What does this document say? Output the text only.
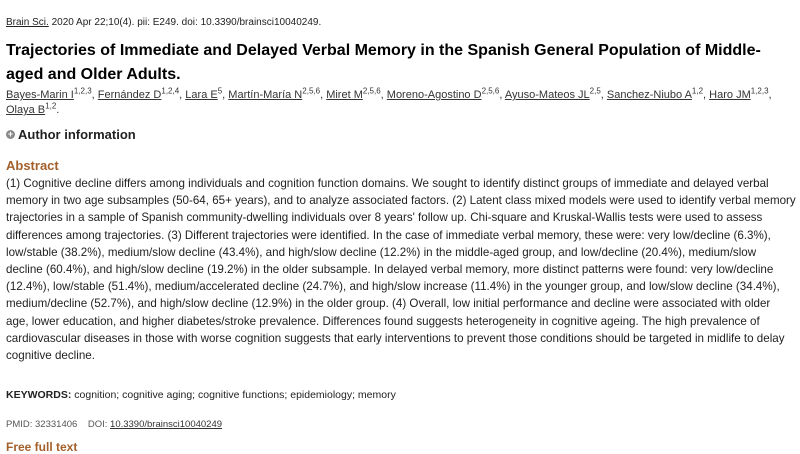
Brain Sci. 2020 Apr 22;10(4). pii: E249. doi: 10.3390/brainsci10040249.
Trajectories of Immediate and Delayed Verbal Memory in the Spanish General Population of Middle-aged and Older Adults.
Bayes-Marin I$^{1,2,3}$, Fernández D$^{1,2,4}$, Lara $E^5$, Martín-María N$^{2,5,6}$, Miret M$^{2,5,6}$, Moreno-Agostino D$^{2,5,6}$, Ayuso-Mateos JL$^{2,5}$, Sanchez-Niubo A$^{1,2}$, Haro JM$^{1,2,3}$, Olaya B$^{1,2}$.
+ Author information
Abstract
(1) Cognitive decline differs among individuals and cognition function domains. We sought to identify distinct groups of immediate and delayed verbal memory in two age subsamples (50-64, 65+ years), and to analyze associated factors. (2) Latent class mixed models were used to identify verbal memory trajectories in a sample of Spanish community-dwelling individuals over 8 years' follow up. Chi-square and Kruskal-Wallis tests were used to assess differences among trajectories. (3) Different trajectories were identified. In the case of immediate verbal memory, these were: very low/decline (6.3%), low/stable (38.2%), medium/slow decline (43.4%), and high/slow decline (12.2%) in the middle-aged group, and low/decline (20.4%), medium/slow decline (60.4%), and high/slow decline (19.2%) in the older subsample. In delayed verbal memory, more distinct patterns were found: very low/decline (12.4%), low/stable (51.4%), medium/accelerated decline (24.7%), and high/slow increase (11.4%) in the younger group, and low/slow decline (34.4%), medium/decline (52.7%), and high/slow decline (12.9%) in the older group. (4) Overall, low initial performance and decline were associated with older age, lower education, and higher diabetes/stroke prevalence. Differences found suggests heterogeneity in cognitive ageing. The high prevalence of cardiovascular diseases in those with worse cognition suggests that early interventions to prevent those conditions should be targeted in midlife to delay cognitive decline.
KEYWORDS: cognition; cognitive aging; cognitive functions; epidemiology; memory
PMID: 32331406 DOI: 10.3390/brainsci10040249
Free full text
